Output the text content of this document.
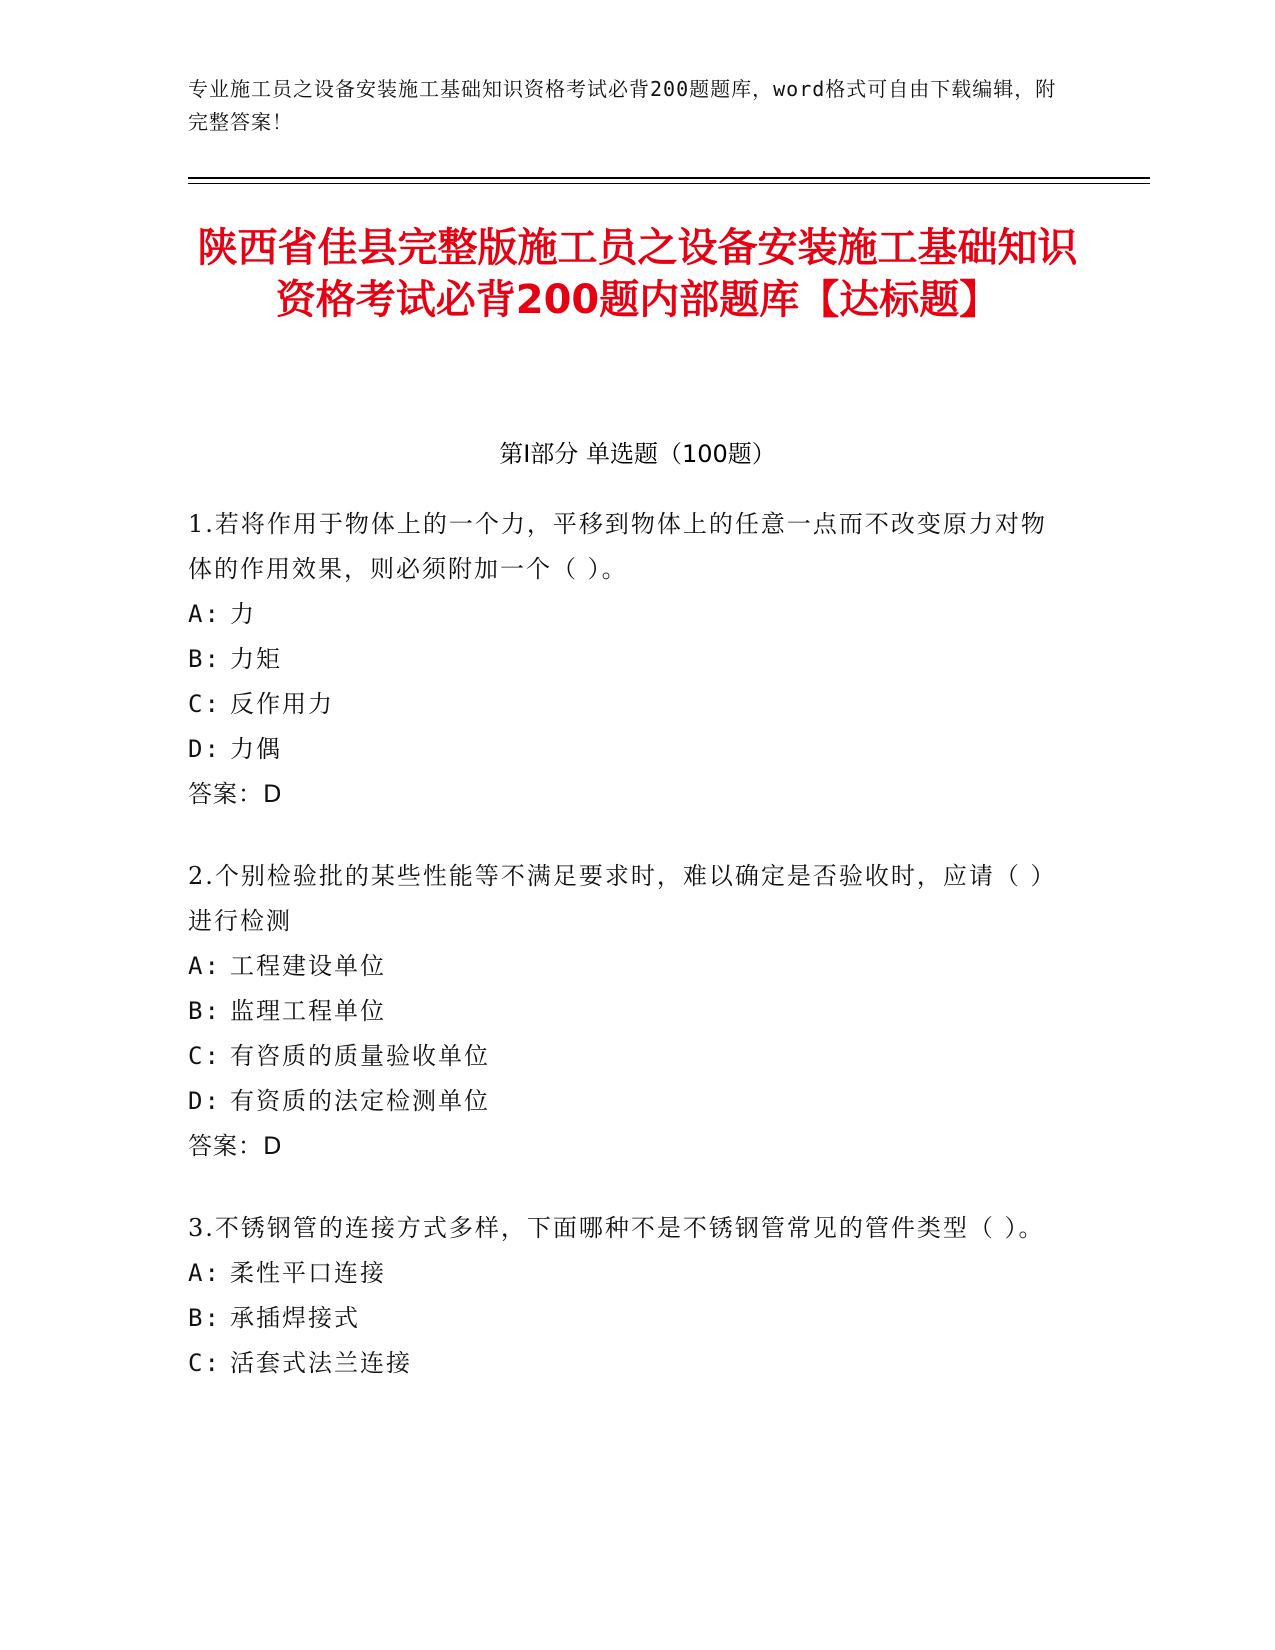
专业施工员之设备安装施工基础知识资格考试必背200题题库，word格式可自由下载编辑，附完整答案！
陕西省佳县完整版施工员之设备安装施工基础知识资格考试必背200题内部题库【达标题】
第Ⅰ部分 单选题（100题）
1.若将作用于物体上的一个力，平移到物体上的任意一点而不改变原力对物体的作用效果，则必须附加一个（ ）。
A: 力
B: 力矩
C: 反作用力
D: 力偶
答案：D
2.个别检验批的某些性能等不满足要求时，难以确定是否验收时，应请（ ）进行检测
A: 工程建设单位
B: 监理工程单位
C: 有咨质的质量验收单位
D: 有资质的法定检测单位
答案：D
3.不锈钢管的连接方式多样，下面哪种不是不锈钢管常见的管件类型（ ）。
A: 柔性平口连接
B: 承插焊接式
C: 活套式法兰连接
